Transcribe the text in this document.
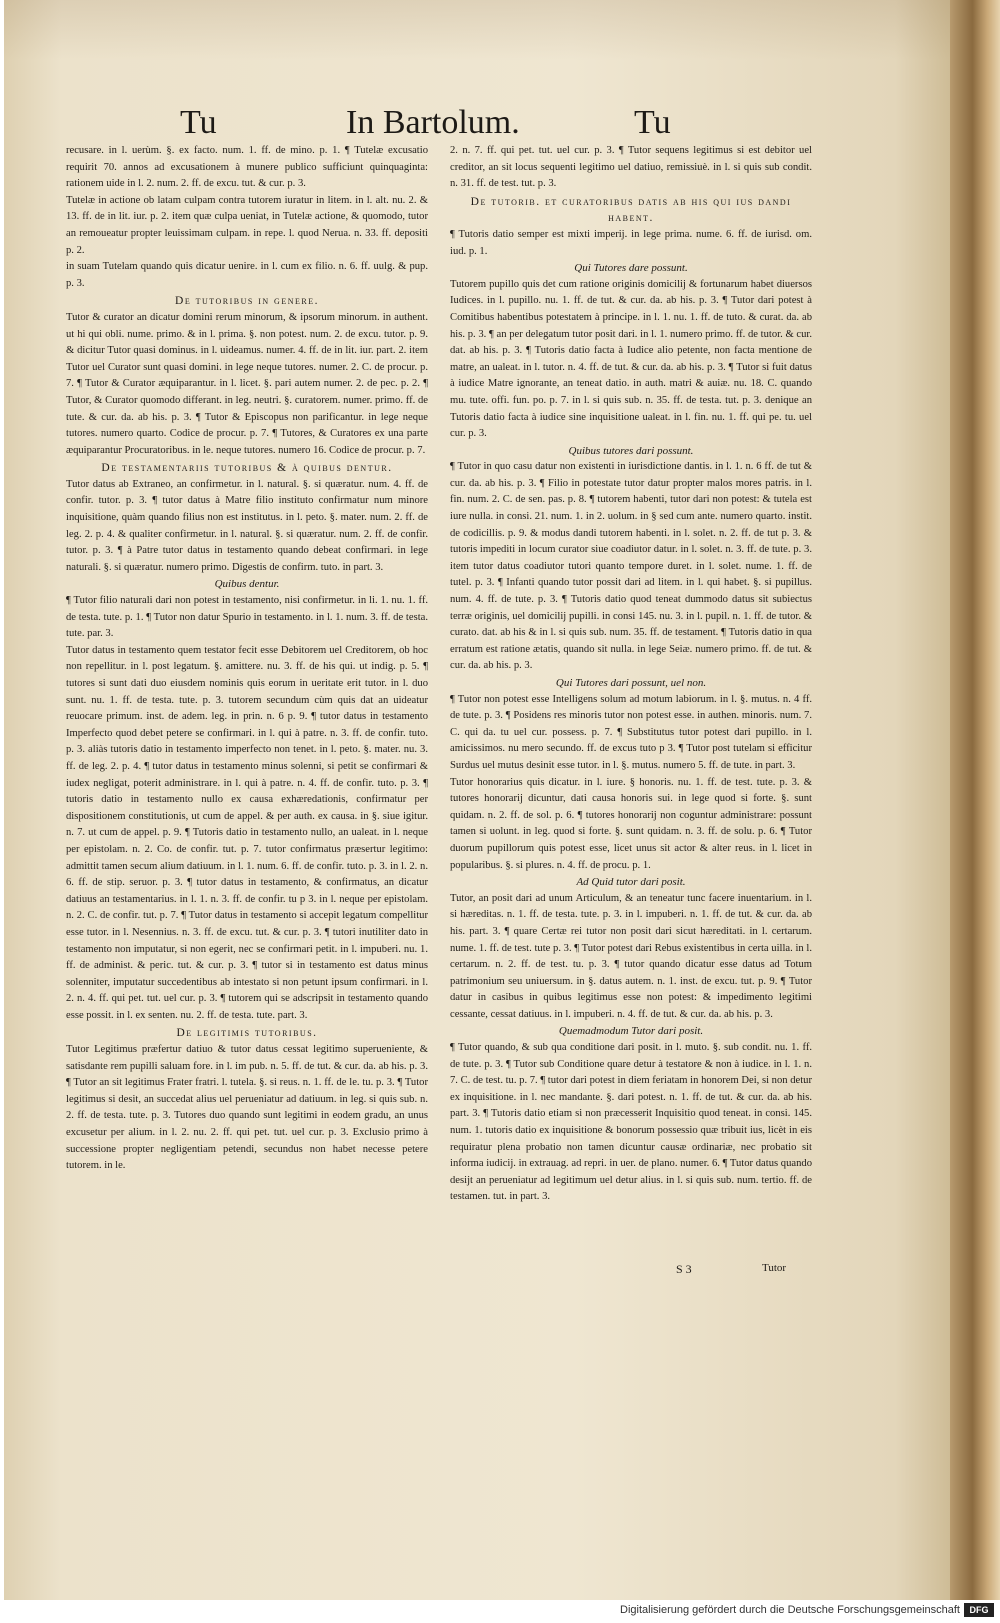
Tu	In Bartolum.	Tu

recusare. in l. uerùm. §. ex facto. num. 1. ff. de mino. p. 1. ¶ Tutelæ excusatio requirit 70. annos ad excusationem à munere publico sufficiunt quinquaginta: rationem uide in l. 2. num. 2. ff. de excu. tut. & cur. p. 3.

Tutelæ in actione ob latam culpam contra tutorem iuratur in litem. in l. alt. nu. 2. & 13. ff. de in lit. iur. p. 2. item quæ culpa ueniat, in Tutelæ actione, & quomodo, tutor an remoueatur propter leuissimam culpam. in repe. l. quod Nerua. n. 33. ff. depositi p. 2.

in suam Tutelam quando quis dicatur uenire. in l. cum ex filio. n. 6. ff. uulg. & pup. p. 3.

De tutoribus in genere.

Tutor & curator an dicatur domini rerum minorum, & ipsorum minorum. in authent. ut hi qui obli. nume. primo. & in l. prima. §. non potest. num. 2. de excu. tutor. p. 9. & dicitur Tutor quasi dominus. in l. uideamus. numer. 4. ff. de in lit. iur. part. 2. item Tutor uel Curator sunt quasi domini. in lege neque tutores. numer. 2. C. de procur. p. 7. ¶ Tutor & Curator æquiparantur. in l. licet. §. pari autem numer. 2. de pec. p. 2. ¶ Tutor, & Curator quomodo differant. in leg. neutri. §. curatorem. numer. primo. ff. de tute. & cur. da. ab his. p. 3. ¶ Tutor & Episcopus non parificantur. in lege neque tutores. numero quarto. Codice de procur. p. 7. ¶ Tutores, & Curatores ex una parte æquiparantur Procuratoribus. in le. neque tutores. numero 16. Codice de procur. p. 7.

De testamentariis tutoribus & à quibus dentur.

Tutor datus ab Extraneo, an confirmetur. in l. natural. §. si quæratur. num. 4. ff. de confir. tutor. p. 3. ¶ tutor datus à Matre filio instituto confirmatur num minore inquisitione, quàm quando filius non est institutus. in l. peto. §. mater. num. 2. ff. de leg. 2. p. 4. & qualiter confirmetur. in l. natural. §. si quæratur. num. 2. ff. de confir. tutor. p. 3. ¶ à Patre tutor datus in testamento quando debeat confirmari. in lege naturali. §. si quæratur. numero primo. Digestis de confirm. tuto. in part. 3.

Quibus dentur.

¶ Tutor filio naturali dari non potest in testamento, nisi confirmetur. in li. 1. nu. 1. ff. de testa. tute. p. 1. ¶ Tutor non datur Spurio in testamento. in l. 1. num. 3. ff. de testa. tute. par. 3.

Tutor datus in testamento quem testator fecit esse Debitorem uel Creditorem, ob hoc non repellitur. in l. post legatum. §. amittere. nu. 3. ff. de his qui. ut indig. p. 5. ¶ tutores si sunt dati duo eiusdem nominis quis eorum in ueritate erit tutor. in l. duo sunt. nu. 1. ff. de testa. tute. p. 3. tutorem secundum cùm quis dat an uideatur reuocare primum. inst. de adem. leg. in prin. n. 6 p. 9. ¶ tutor datus in testamento Imperfecto quod debet petere se confirmari. in l. qui à patre. n. 3. ff. de confir. tuto. p. 3. aliàs tutoris datio in testamento imperfecto non tenet. in l. peto. §. mater. nu. 3. ff. de leg. 2. p. 4. ¶ tutor datus in testamento minus solenni, si petit se confirmari & iudex negligat, poterit administrare. in l. qui à patre. n. 4. ff. de confir. tuto. p. 3. ¶ tutoris datio in testamento nullo ex causa exhæredationis, confirmatur per dispositionem constitutionis, ut cum de appel. & per auth. ex causa. in §. siue igitur. n. 7. ut cum de appel. p. 9. ¶ Tutoris datio in testamento nullo, an ualeat. in l. neque per epistolam. n. 2. Co. de confir. tut. p. 7. tutor confirmatus præsertur legitimo: admittit tamen secum alium datiuum. in l. 1. num. 6. ff. de confir. tuto. p. 3. in l. 2. n. 6. ff. de stip. seruor. p. 3. ¶ tutor datus in testamento, & confirmatus, an dicatur datiuus an testamentarius. in l. 1. n. 3. ff. de confir. tu p 3. in l. neque per epistolam. n. 2. C. de confir. tut. p. 7. ¶ Tutor datus in testamento si accepit legatum compellitur esse tutor. in l. Nesennius. n. 3. ff. de excu. tut. & cur. p. 3. ¶ tutori inutiliter dato in testamento non imputatur, si non egerit, nec se confirmari petit. in l. impuberi. nu. 1. ff. de administ. & peric. tut. & cur. p. 3. ¶ tutor si in testamento est datus minus solenniter, imputatur succedentibus ab intestato si non petunt ipsum confirmari. in l. 2. n. 4. ff. qui pet. tut. uel cur. p. 3. ¶ tutorem qui se adscripsit in testamento quando esse possit. in l. ex senten. nu. 2. ff. de testa. tute. part. 3.

De legitimis tutoribus.

Tutor Legitimus præfertur datiuo & tutor datus cessat legitimo superueniente, & satisdante rem pupilli saluam fore. in l. im pub. n. 5. ff. de tut. & cur. da. ab his. p. 3. ¶ Tutor an sit legitimus Frater fratri. l. tutela. §. si reus. n. 1. ff. de le. tu. p. 3. ¶ Tutor legitimus si desit, an succedat alius uel perueniatur ad datiuum. in leg. si quis sub. n. 2. ff. de testa. tute. p. 3. Tutores duo quando sunt legitimi in eodem gradu, an unus excusetur per alium. in l. 2. nu. 2. ff. qui pet. tut. uel cur. p. 3. Exclusio primo à successione propter negligentiam petendi, secundus non habet necesse petere tutorem. in le.

2. n. 7. ff. qui pet. tut. uel cur. p. 3. ¶ Tutor sequens legitimus si est debitor uel creditor, an sit locus sequenti legitimo uel datiuo, remissiuè. in l. si quis sub condit. n. 31. ff. de test. tut. p. 3.

De tutorib. et curatoribus datis ab his qui ius dandi habent.

¶ Tutoris datio semper est mixti imperij. in lege prima. nume. 6. ff. de iurisd. om. iud. p. 1.

Qui Tutores dare possunt.

Tutorem pupillo quis det cum ratione originis domicilij & fortunarum habet diuersos Iudices. in l. pupillo. nu. 1. ff. de tut. & cur. da. ab his. p. 3. ¶ Tutor dari potest à Comitibus habentibus potestatem à principe. in l. 1. nu. 1. ff. de tuto. & curat. da. ab his. p. 3. ¶ an per delegatum tutor posit dari. in l. 1. numero primo. ff. de tutor. & cur. dat. ab his. p. 3. ¶ Tutoris datio facta à Iudice alio petente, non facta mentione de matre, an ualeat. in l. tutor. n. 4. ff. de tut. & cur. da. ab his. p. 3. ¶ Tutor si fuit datus à iudice Matre ignorante, an teneat datio. in auth. matri & auiæ. nu. 18. C. quando mu. tute. offi. fun. po. p. 7. in l. si quis sub. n. 35. ff. de testa. tut. p. 3. denique an Tutoris datio facta à iudice sine inquisitione ualeat. in l. fin. nu. 1. ff. qui pe. tu. uel cur. p. 3.

Quibus tutores dari possunt.

¶ Tutor in quo casu datur non existenti in iurisdictione dantis. in l. 1. n. 6 ff. de tut & cur. da. ab his. p. 3. ¶ Filio in potestate tutor datur propter malos mores patris. in l. fin. num. 2. C. de sen. pas. p. 8. ¶ tutorem habenti, tutor dari non potest: & tutela est iure nulla. in consi. 21. num. 1. in 2. uolum. in § sed cum ante. numero quarto. instit. de codicillis. p. 9. & modus dandi tutorem habenti. in l. solet. n. 2. ff. de tut p. 3. & tutoris impediti in locum curator siue coadiutor datur. in l. solet. n. 3. ff. de tute. p. 3. item tutor datus coadiutor tutori quanto tempore duret. in l. solet. nume. 1. ff. de tutel. p. 3. ¶ Infanti quando tutor possit dari ad litem. in l. qui habet. §. si pupillus. num. 4. ff. de tute. p. 3. ¶ Tutoris datio quod teneat dummodo datus sit subiectus terræ originis, uel domicilij pupilli. in consi 145. nu. 3. in l. pupil. n. 1. ff. de tutor. & curato. dat. ab his & in l. si quis sub. num. 35. ff. de testament. ¶ Tutoris datio in qua erratum est ratione ætatis, quando sit nulla. in lege Seiæ. numero primo. ff. de tut. & cur. da. ab his. p. 3.

Qui Tutores dari possunt, uel non.

¶ Tutor non potest esse Intelligens solum ad motum labiorum. in l. §. mutus. n. 4 ff. de tute. p. 3. ¶ Posidens res minoris tutor non potest esse. in authen. minoris. num. 7. C. qui da. tu uel cur. possess. p. 7. ¶ Substitutus tutor potest dari pupillo. in l. amicissimos. nu mero secundo. ff. de excus tuto p 3. ¶ Tutor post tutelam si efficitur Surdus uel mutus desinit esse tutor. in l. §. mutus. numero 5. ff. de tute. in part. 3.

Tutor honorarius quis dicatur. in l. iure. § honoris. nu. 1. ff. de test. tute. p. 3. & tutores honorarij dicuntur, dati causa honoris sui. in lege quod si forte. §. sunt quidam. n. 2. ff. de sol. p. 6. ¶ tutores honorarij non coguntur administrare: possunt tamen si uolunt. in leg. quod si forte. §. sunt quidam. n. 3. ff. de solu. p. 6. ¶ Tutor duorum pupillorum quis potest esse, licet unus sit actor & alter reus. in l. licet in popularibus. §. si plures. n. 4. ff. de procu. p. 1.

Ad Quid tutor dari posit.

Tutor, an posit dari ad unum Articulum, & an teneatur tunc facere inuentarium. in l. si hæreditas. n. 1. ff. de testa. tute. p. 3. in l. impuberi. n. 1. ff. de tut. & cur. da. ab his. part. 3. ¶ quare Certæ rei tutor non posit dari sicut hæreditati. in l. certarum. nume. 1. ff. de test. tute p. 3. ¶ Tutor potest dari Rebus existentibus in certa uilla. in l. certarum. n. 2. ff. de test. tu. p. 3. ¶ tutor quando dicatur esse datus ad Totum patrimonium seu uniuersum. in §. datus autem. n. 1. inst. de excu. tut. p. 9. ¶ Tutor datur in casibus in quibus legitimus esse non potest: & impedimento legitimi cessante, cessat datiuus. in l. impuberi. n. 4. ff. de tut. & cur. da. ab his. p. 3.

Quemadmodum Tutor dari posit.

¶ Tutor quando, & sub qua conditione dari posit. in l. muto. §. sub condit. nu. 1. ff. de tute. p. 3. ¶ Tutor sub Conditione quare detur à testatore & non à iudice. in l. 1. n. 7. C. de test. tu. p. 7. ¶ tutor dari potest in diem feriatam in honorem Dei, si non detur ex inquisitione. in l. nec mandante. §. dari potest. n. 1. ff. de tut. & cur. da. ab his. part. 3. ¶ Tutoris datio etiam si non præcesserit Inquisitio quod teneat. in consi. 145. num. 1. tutoris datio ex inquisitione & bonorum possessio quæ tribuit ius, licèt in eis requiratur plena probatio non tamen dicuntur causæ ordinariæ, nec probatio sit informa iudicij. in extrauag. ad repri. in uer. de plano. numer. 6. ¶ Tutor datus quando desijt an perueniatur ad legitimum uel detur alius. in l. si quis sub. num. tertio. ff. de testamen. tut. in part. 3.

S 3	Tutor
Digitalisierung gefördert durch die Deutsche Forschungsgemeinschaft	DFG
